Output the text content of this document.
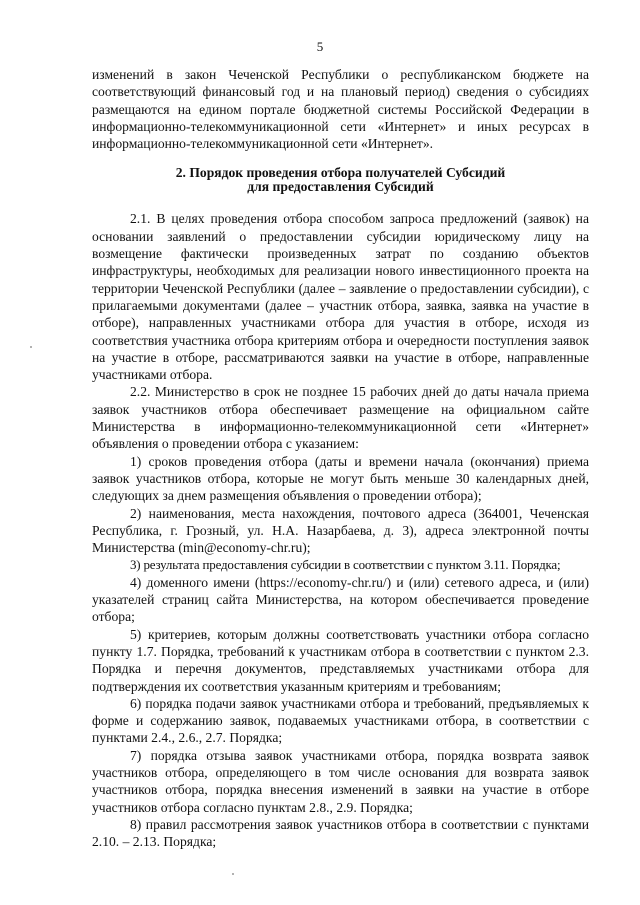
5

изменений в закон Чеченской Республики о республиканском бюджете на соответствующий финансовый год и на плановый период) сведения о субсидиях размещаются на едином портале бюджетной системы Российской Федерации в информационно-телекоммуникационной сети «Интернет» и иных ресурсах в информационно-телекоммуникационной сети «Интернет».

2. Порядок проведения отбора получателей Субсидий
для предоставления Субсидий

2.1. В целях проведения отбора способом запроса предложений (заявок) на основании заявлений о предоставлении субсидии юридическому лицу на возмещение фактически произведенных затрат по созданию объектов инфраструктуры, необходимых для реализации нового инвестиционного проекта на территории Чеченской Республики (далее – заявление о предоставлении субсидии), с прилагаемыми документами (далее – участник отбора, заявка, заявка на участие в отборе), направленных участниками отбора для участия в отборе, исходя из соответствия участника отбора критериям отбора и очередности поступления заявок на участие в отборе, рассматриваются заявки на участие в отборе, направленные участниками отбора.

2.2. Министерство в срок не позднее 15 рабочих дней до даты начала приема заявок участников отбора обеспечивает размещение на официальном сайте Министерства в информационно-телекоммуникационной сети «Интернет» объявления о проведении отбора с указанием:

1) сроков проведения отбора (даты и времени начала (окончания) приема заявок участников отбора, которые не могут быть меньше 30 календарных дней, следующих за днем размещения объявления о проведении отбора);

2) наименования, места нахождения, почтового адреса (364001, Чеченская Республика, г. Грозный, ул. Н.А. Назарбаева, д. 3), адреса электронной почты Министерства (min@economy-chr.ru);

3) результата предоставления субсидии в соответствии с пунктом 3.11. Порядка;

4) доменного имени (https://economy-chr.ru/) и (или) сетевого адреса, и (или) указателей страниц сайта Министерства, на котором обеспечивается проведение отбора;

5) критериев, которым должны соответствовать участники отбора согласно пункту 1.7. Порядка, требований к участникам отбора в соответствии с пунктом 2.3. Порядка и перечня документов, представляемых участниками отбора для подтверждения их соответствия указанным критериям и требованиям;

6) порядка подачи заявок участниками отбора и требований, предъявляемых к форме и содержанию заявок, подаваемых участниками отбора, в соответствии с пунктами 2.4., 2.6., 2.7. Порядка;

7) порядка отзыва заявок участниками отбора, порядка возврата заявок участников отбора, определяющего в том числе основания для возврата заявок участников отбора, порядка внесения изменений в заявки на участие в отборе участников отбора согласно пунктам 2.8., 2.9. Порядка;

8) правил рассмотрения заявок участников отбора в соответствии с пунктами 2.10. – 2.13. Порядка;
